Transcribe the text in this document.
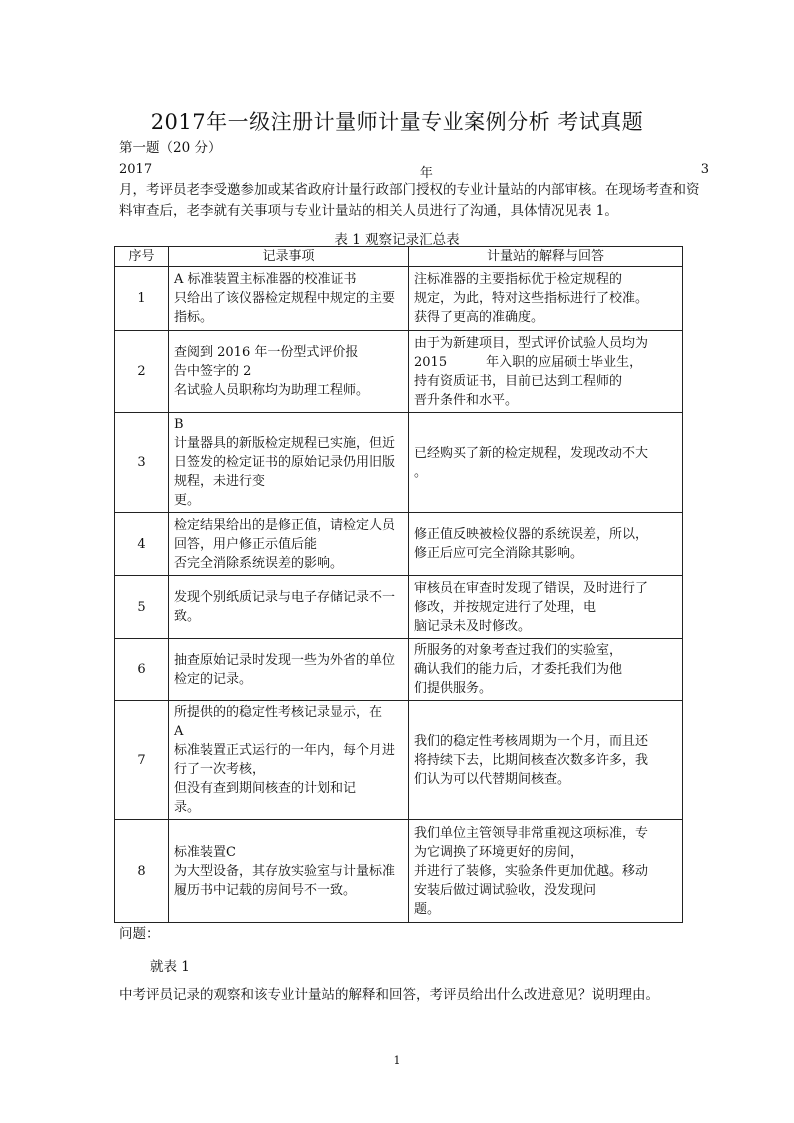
2017年一级注册计量师计量专业案例分析 考试真题
第一题（20 分）
2017	年	3
月，考评员老李受邀参加或某省政府计量行政部门授权的专业计量站的内部审核。在现场考查和资料审查后，老李就有关事项与专业计量站的相关人员进行了沟通，具体情况见表 1。
表 1 观察记录汇总表
序号	记录事项	计量站的解释与回答
1	A 标准装置主标准器的校准证书
只给出了该仪器检定规程中规定的主要指标。	注标准器的主要指标优于检定规程的
规定，为此，特对这些指标进行了校准。
获得了更高的准确度。
2	查阅到 2016 年一份型式评价报
告中签字的 2
名试验人员职称均为助理工程师。	由于为新建项目，型式评价试验人员均为
2015　　　年入职的应届硕士毕业生，
持有资质证书，目前已达到工程师的
晋升条件和水平。
3	B
计量器具的新版检定规程已实施，但近日签发的检定证书的原始记录仍用旧版规程，未进行变
更。	已经购买了新的检定规程，发现改动不大
。
4	检定结果给出的是修正值，请检定人员回答，用户修正示值后能
否完全消除系统误差的影响。	修正值反映被检仪器的系统误差，所以，
修正后应可完全消除其影响。
5	发现个别纸质记录与电子存储记录不一致。	审核员在审查时发现了错误，及时进行了
修改，并按规定进行了处理，电
脑记录未及时修改。
6	抽查原始记录时发现一些为外省的单位检定的记录。	所服务的对象考查过我们的实验室，
确认我们的能力后，才委托我们为他
们提供服务。
7	所提供的的稳定性考核记录显示，在　　　　　　　　　　　　　A
标准装置正式运行的一年内，每个月进行了一次考核，
但没有查到期间核查的计划和记
录。	我们的稳定性考核周期为一个月，而且还
将持续下去，比期间核查次数多许多，我
们认为可以代替期间核查。
8	标准装置C
为大型设备，其存放实验室与计量标准履历书中记载的房间号不一致。	我们单位主管领导非常重视这项标准，专
为它调换了环境更好的房间，
并进行了装修，实验条件更加优越。移动
安装后做过调试验收，没发现问
题。
问题：
就表 1
中考评员记录的观察和该专业计量站的解释和回答，考评员给出什么改进意见？说明理由。
1
